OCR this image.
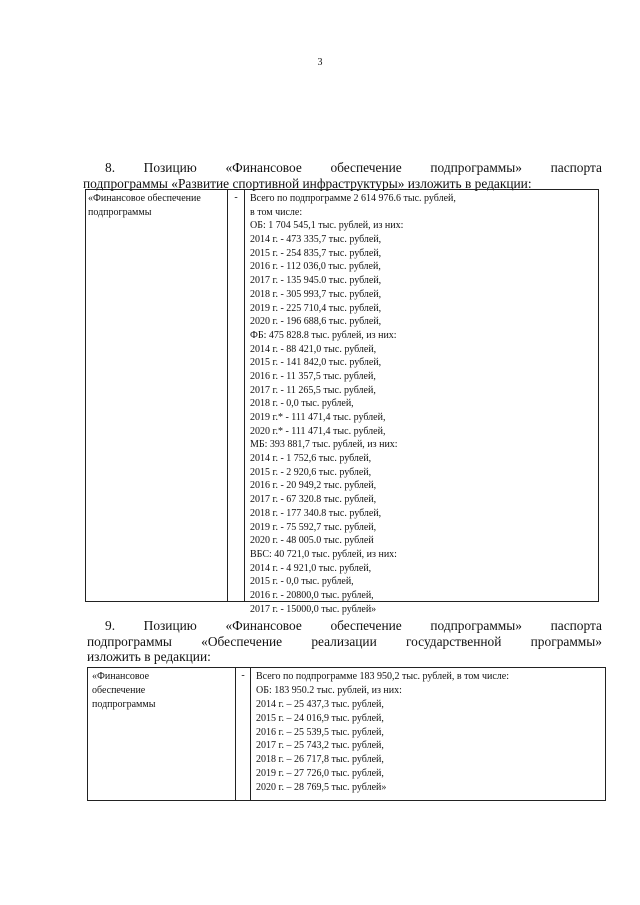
3
8. Позицию «Финансовое обеспечение подпрограммы» паспорта
подпрограммы «Развитие спортивной инфраструктуры» изложить в редакции:
«Финансовое обеспечение подпрограммы
-	Всего по подпрограмме 2 614 976.6 тыс. рублей,
в том числе:
ОБ: 1 704 545,1 тыс. рублей, из них:
2014 г. - 473 335,7 тыс. рублей,
2015 г. - 254 835,7 тыс. рублей,
2016 г. - 112 036,0 тыс. рублей,
2017 г. - 135 945.0 тыс. рублей,
2018 г. - 305 993,7 тыс. рублей,
2019 г. - 225 710,4 тыс. рублей,
2020 г. - 196 688,6 тыс. рублей,
ФБ: 475 828.8 тыс. рублей, из них:
2014 г. - 88 421,0 тыс. рублей,
2015 г. - 141 842,0 тыс. рублей,
2016 г. - 11 357,5 тыс. рублей,
2017 г. - 11 265,5 тыс. рублей,
2018 г. - 0,0 тыс. рублей,
2019 г.* - 111 471,4 тыс. рублей,
2020 г.* - 111 471,4 тыс. рублей,
МБ: 393 881,7 тыс. рублей, из них:
2014 г. - 1 752,6 тыс. рублей,
2015 г. - 2 920,6 тыс. рублей,
2016 г. - 20 949,2 тыс. рублей,
2017 г. - 67 320.8 тыс. рублей,
2018 г. - 177 340.8 тыс. рублей,
2019 г. - 75 592,7 тыс. рублей,
2020 г. - 48 005.0 тыс. рублей
ВБС: 40 721,0 тыс. рублей, из них:
2014 г. - 4 921,0 тыс. рублей,
2015 г. - 0,0 тыс. рублей,
2016 г. - 20800,0 тыс. рублей,
2017 г. - 15000,0 тыс. рублей»
9. Позицию «Финансовое обеспечение подпрограммы» паспорта
подпрограммы «Обеспечение реализации государственной программы»
изложить в редакции:
«Финансовое
обеспечение
подпрограммы
-	Всего по подпрограмме 183 950,2 тыс. рублей, в том числе:
ОБ: 183 950.2 тыс. рублей, из них:
2014 г. – 25 437,3 тыс. рублей,
2015 г. – 24 016,9 тыс. рублей,
2016 г. – 25 539,5 тыс. рублей,
2017 г. – 25 743,2 тыс. рублей,
2018 г. – 26 717,8 тыс. рублей,
2019 г. – 27 726,0 тыс. рублей,
2020 г. – 28 769,5 тыс. рублей»
